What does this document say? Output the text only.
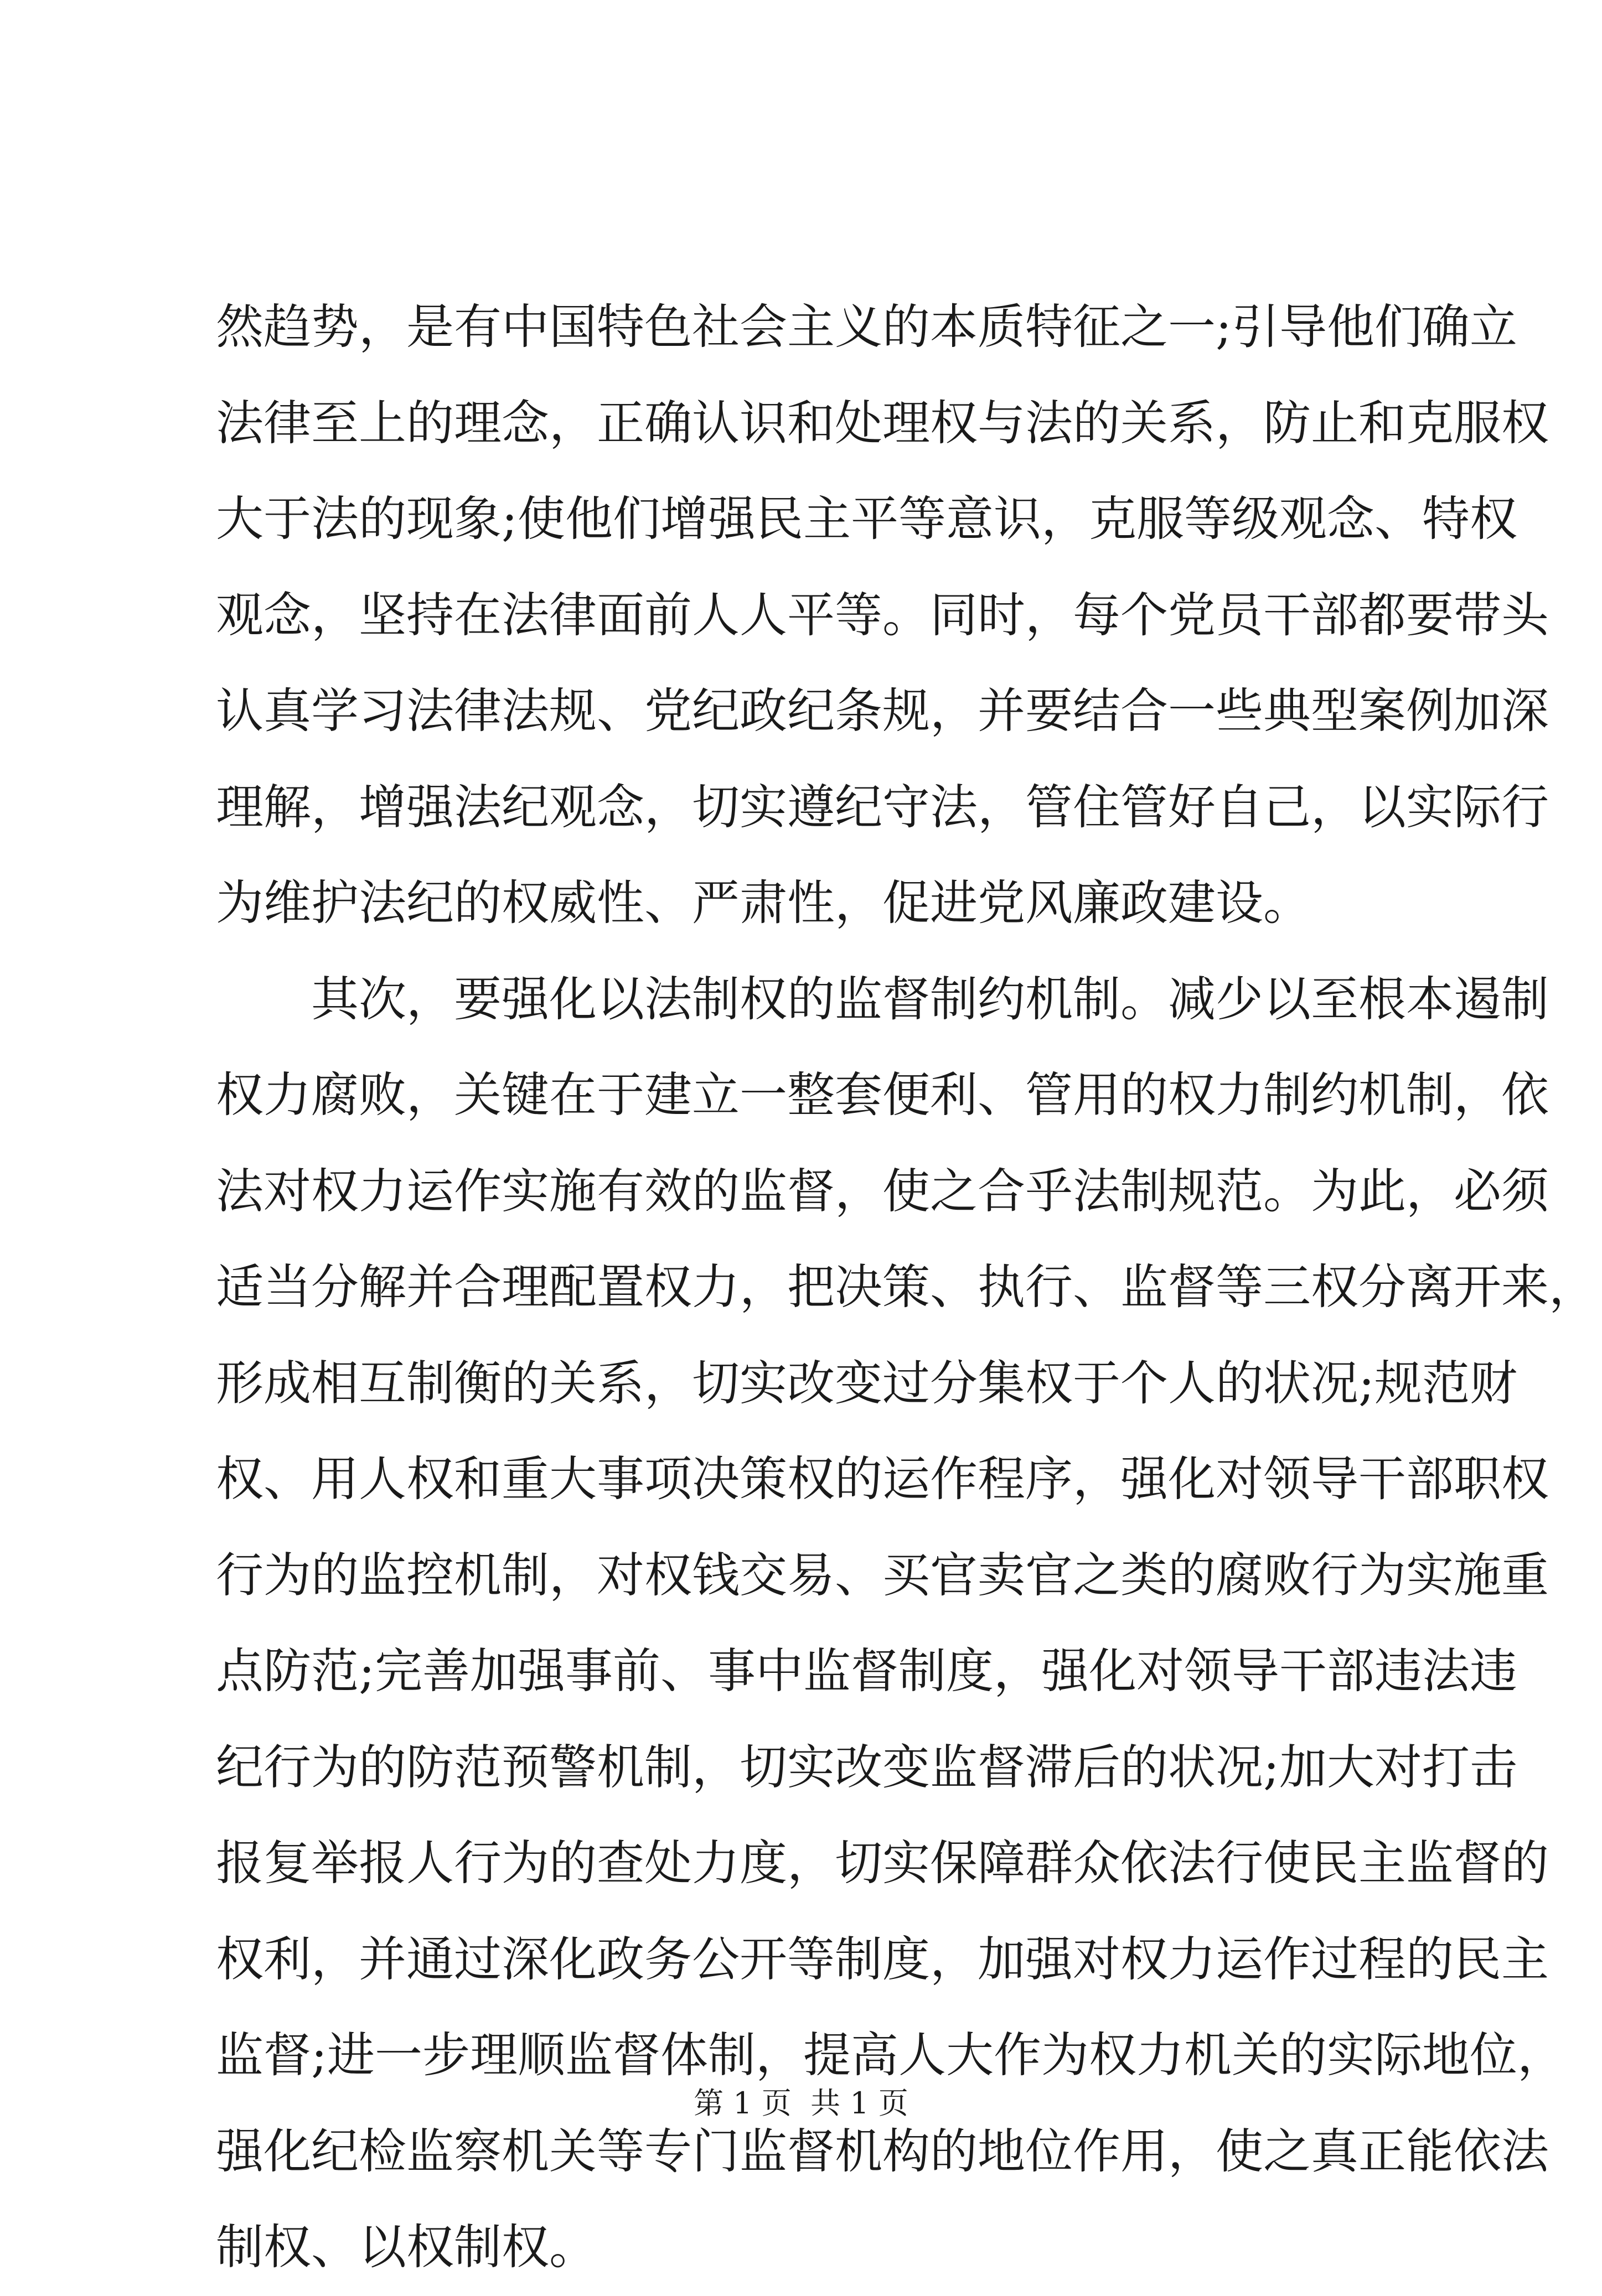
然趋势，是有中国特色社会主义的本质特征之一;引导他们确立
法律至上的理念，正确认识和处理权与法的关系，防止和克服权
大于法的现象;使他们增强民主平等意识，克服等级观念、特权
观念，坚持在法律面前人人平等。同时，每个党员干部都要带头
认真学习法律法规、党纪政纪条规，并要结合一些典型案例加深
理解，增强法纪观念，切实遵纪守法，管住管好自己，以实际行
为维护法纪的权威性、严肃性，促进党风廉政建设。
　　其次，要强化以法制权的监督制约机制。减少以至根本遏制
权力腐败，关键在于建立一整套便利、管用的权力制约机制，依
法对权力运作实施有效的监督，使之合乎法制规范。为此，必须
适当分解并合理配置权力，把决策、执行、监督等三权分离开来，
形成相互制衡的关系，切实改变过分集权于个人的状况;规范财
权、用人权和重大事项决策权的运作程序，强化对领导干部职权
行为的监控机制，对权钱交易、买官卖官之类的腐败行为实施重
点防范;完善加强事前、事中监督制度，强化对领导干部违法违
纪行为的防范预警机制，切实改变监督滞后的状况;加大对打击
报复举报人行为的查处力度，切实保障群众依法行使民主监督的
权利，并通过深化政务公开等制度，加强对权力运作过程的民主
监督;进一步理顺监督体制，提高人大作为权力机关的实际地位，
强化纪检监察机关等专门监督机构的地位作用，使之真正能依法
制权、以权制权。
第 1 页  共 1 页
